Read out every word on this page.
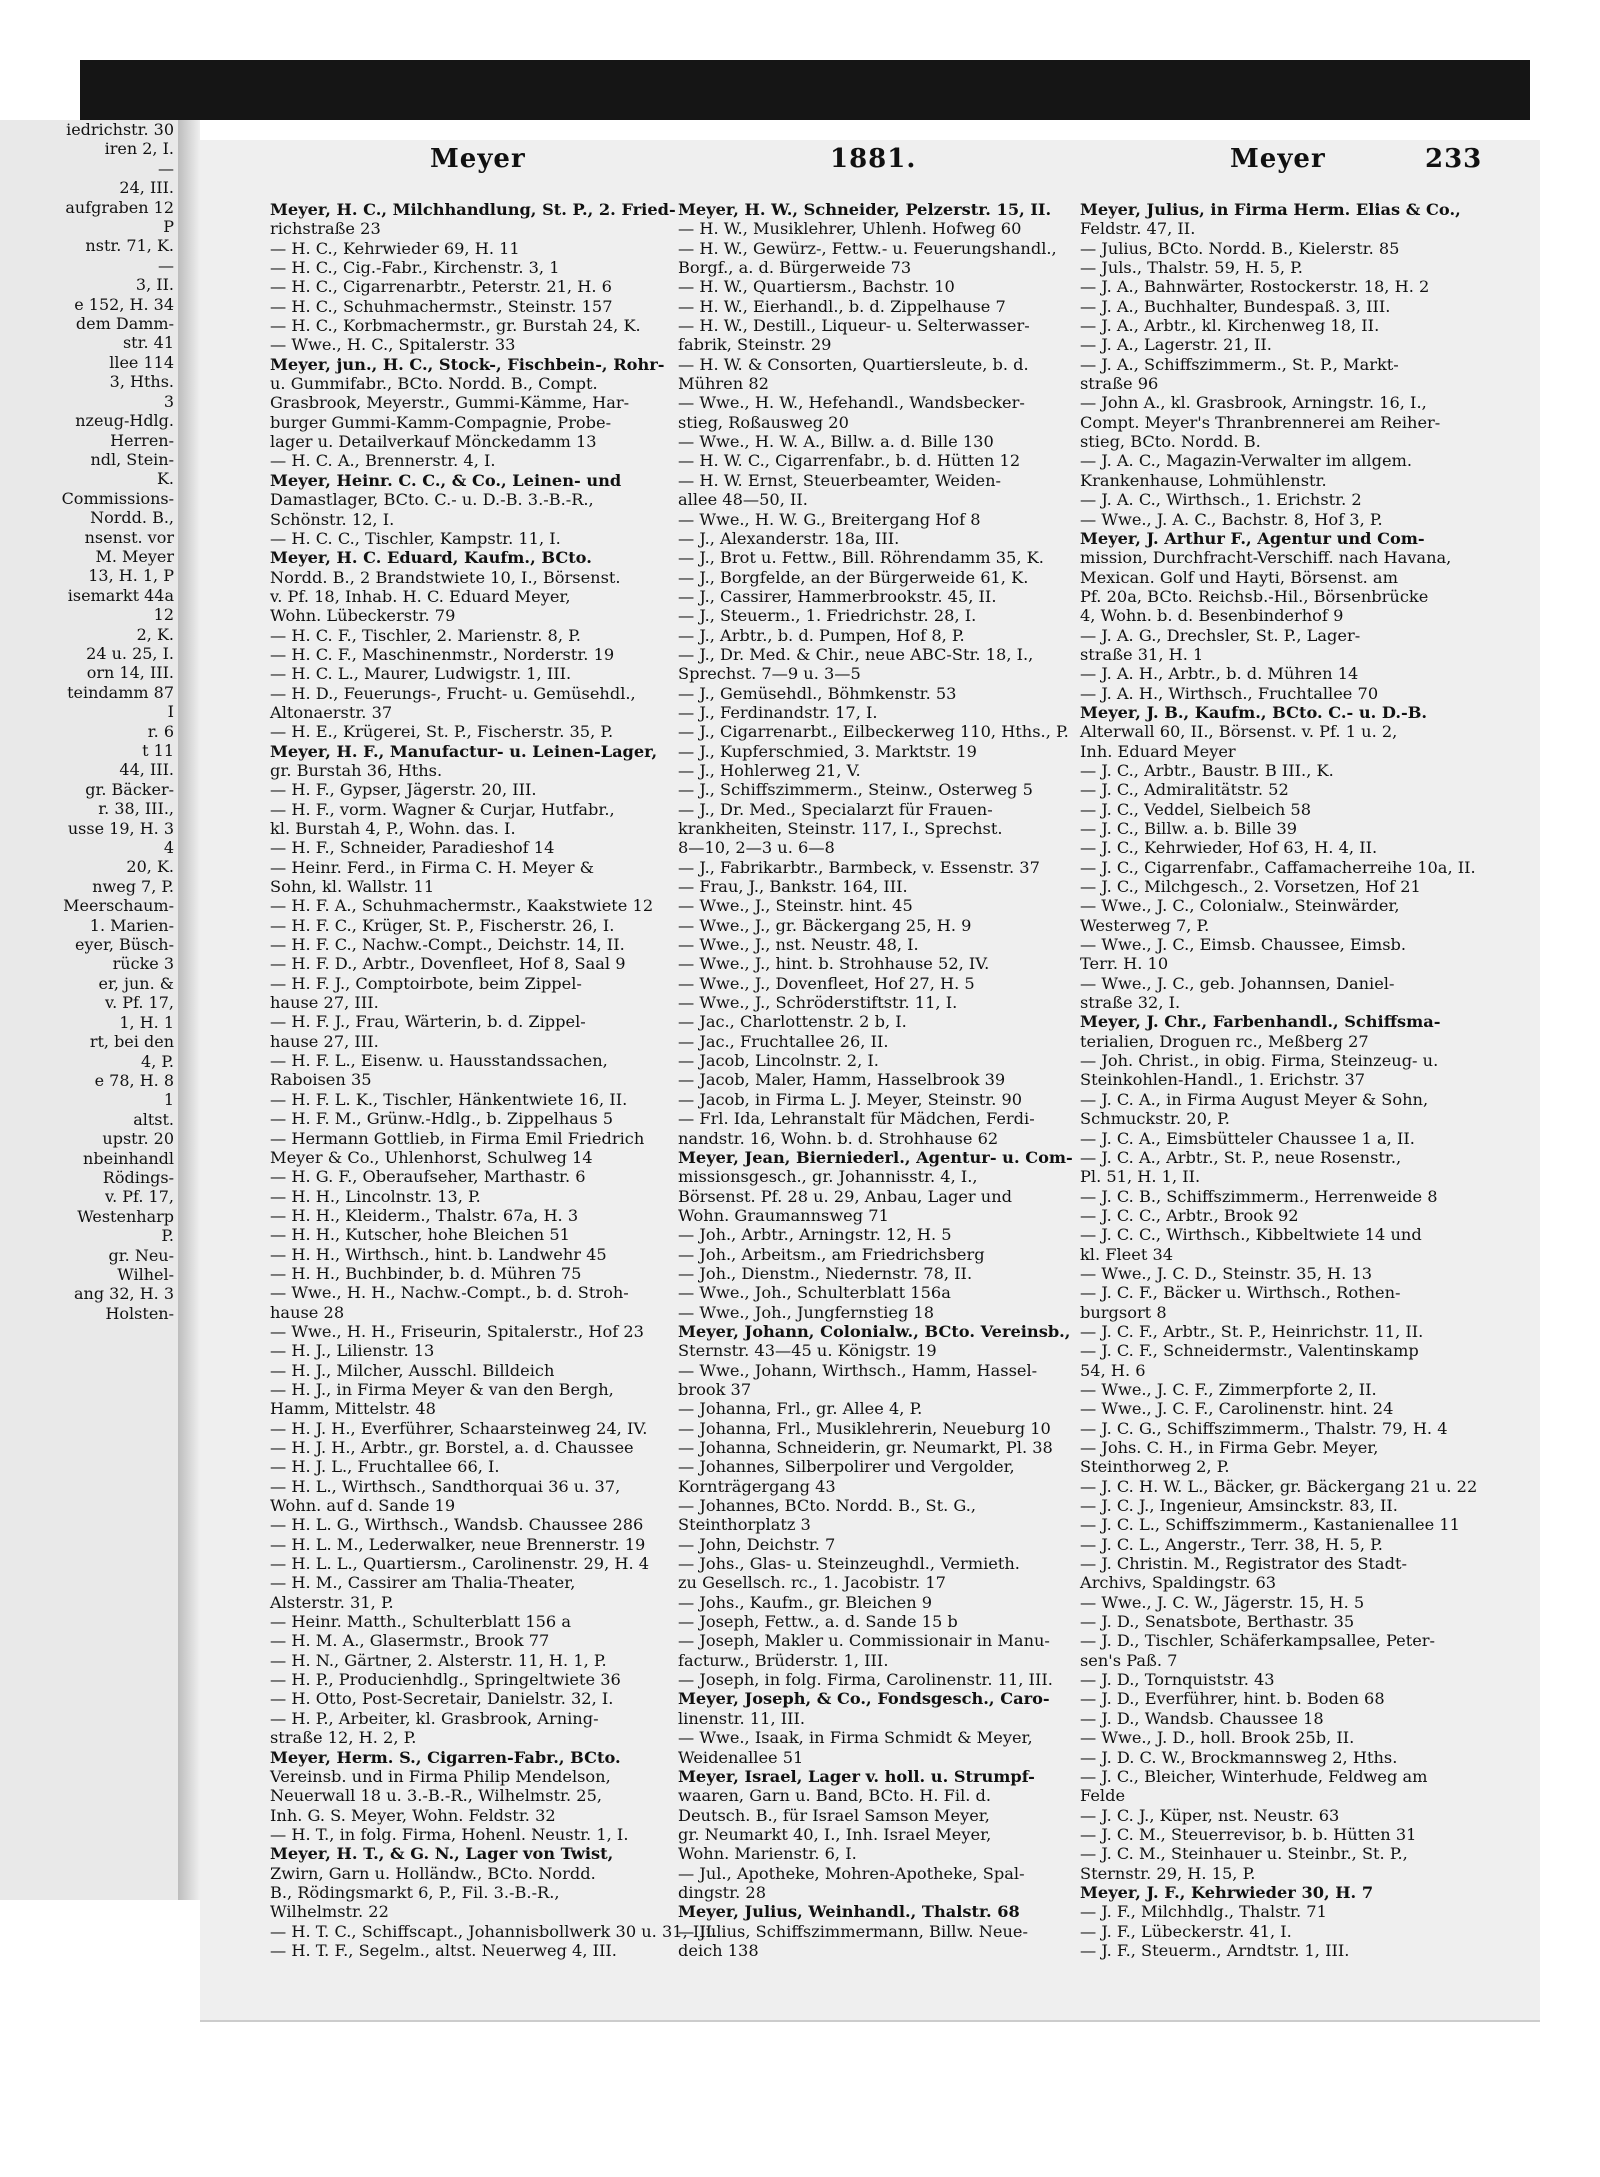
iedrichstr. 30
iren 2, I.
—
24, III.
aufgraben 12
P
nstr. 71, K.
—
3, II.
e 152, H. 34
dem Damm-
str. 41
llee 114
3, Hths.
3
nzeug-Hdlg.
Herren-
ndl, Stein-
K.
Commissions-
Nordd. B.,
nsenst. vor
M. Meyer
13, H. 1, P
isemarkt 44a
12
2, K.
24 u. 25, I.
orn 14, III.
teindamm 87
I
r. 6
t 11
44, III.
gr. Bäcker-
r. 38, III.,
usse 19, H. 3
4
20, K.
nweg 7, P.
Meerschaum-
1. Marien-
eyer, Büsch-
rücke 3
er, jun. &
v. Pf. 17,
1, H. 1
rt, bei den
4, P.
e 78, H. 8
1
altst.
upstr. 20
nbeinhandl
Rödings-
v. Pf. 17,
Westenharp
P.
gr. Neu-
Wilhel-
ang 32, H. 3
Holsten-
Meyer	1881.	Meyer	233
Meyer, H. C., Milchhandlung, St. P., 2. Fried-
richstraße 23
— H. C., Kehrwieder 69, H. 11
— H. C., Cig.-Fabr., Kirchenstr. 3, 1
— H. C., Cigarrenarbtr., Peterstr. 21, H. 6
— H. C., Schuhmachermstr., Steinstr. 157
— H. C., Korbmachermstr., gr. Burstah 24, K.
— Wwe., H. C., Spitalerstr. 33
Meyer, jun., H. C., Stock-, Fischbein-, Rohr-
u. Gummifabr., BCto. Nordd. B., Compt.
Grasbrook, Meyerstr., Gummi-Kämme, Har-
burger Gummi-Kamm-Compagnie, Probe-
lager u. Detailverkauf Mönckedamm 13
— H. C. A., Brennerstr. 4, I.
Meyer, Heinr. C. C., & Co., Leinen- und
Damastlager, BCto. C.- u. D.-B. 3.-B.-R.,
Schönstr. 12, I.
— H. C. C., Tischler, Kampstr. 11, I.
Meyer, H. C. Eduard, Kaufm., BCto.
Nordd. B., 2 Brandstwiete 10, I., Börsenst.
v. Pf. 18, Inhab. H. C. Eduard Meyer,
Wohn. Lübeckerstr. 79
— H. C. F., Tischler, 2. Marienstr. 8, P.
— H. C. F., Maschinenmstr., Norderstr. 19
— H. C. L., Maurer, Ludwigstr. 1, III.
— H. D., Feuerungs-, Frucht- u. Gemüsehdl.,
Altonaerstr. 37
— H. E., Krügerei, St. P., Fischerstr. 35, P.
Meyer, H. F., Manufactur- u. Leinen-Lager,
gr. Burstah 36, Hths.
— H. F., Gypser, Jägerstr. 20, III.
— H. F., vorm. Wagner & Curjar, Hutfabr.,
kl. Burstah 4, P., Wohn. das. I.
— H. F., Schneider, Paradieshof 14
— Heinr. Ferd., in Firma C. H. Meyer &
Sohn, kl. Wallstr. 11
— H. F. A., Schuhmachermstr., Kaakstwiete 12
— H. F. C., Krüger, St. P., Fischerstr. 26, I.
— H. F. C., Nachw.-Compt., Deichstr. 14, II.
— H. F. D., Arbtr., Dovenfleet, Hof 8, Saal 9
— H. F. J., Comptoirbote, beim Zippel-
hause 27, III.
— H. F. J., Frau, Wärterin, b. d. Zippel-
hause 27, III.
— H. F. L., Eisenw. u. Hausstandssachen,
Raboisen 35
— H. F. L. K., Tischler, Hänkentwiete 16, II.
— H. F. M., Grünw.-Hdlg., b. Zippelhaus 5
— Hermann Gottlieb, in Firma Emil Friedrich
Meyer & Co., Uhlenhorst, Schulweg 14
— H. G. F., Oberaufseher, Marthastr. 6
— H. H., Lincolnstr. 13, P.
— H. H., Kleiderm., Thalstr. 67a, H. 3
— H. H., Kutscher, hohe Bleichen 51
— H. H., Wirthsch., hint. b. Landwehr 45
— H. H., Buchbinder, b. d. Mühren 75
— Wwe., H. H., Nachw.-Compt., b. d. Stroh-
hause 28
— Wwe., H. H., Friseurin, Spitalerstr., Hof 23
— H. J., Lilienstr. 13
— H. J., Milcher, Ausschl. Billdeich
— H. J., in Firma Meyer & van den Bergh,
Hamm, Mittelstr. 48
— H. J. H., Everführer, Schaarsteinweg 24, IV.
— H. J. H., Arbtr., gr. Borstel, a. d. Chaussee
— H. J. L., Fruchtallee 66, I.
— H. L., Wirthsch., Sandthorquai 36 u. 37,
Wohn. auf d. Sande 19
— H. L. G., Wirthsch., Wandsb. Chaussee 286
— H. L. M., Lederwalker, neue Brennerstr. 19
— H. L. L., Quartiersm., Carolinenstr. 29, H. 4
— H. M., Cassirer am Thalia-Theater,
Alsterstr. 31, P.
— Heinr. Matth., Schulterblatt 156 a
— H. M. A., Glasermstr., Brook 77
— H. N., Gärtner, 2. Alsterstr. 11, H. 1, P.
— H. P., Producienhdlg., Springeltwiete 36
— H. Otto, Post-Secretair, Danielstr. 32, I.
— H. P., Arbeiter, kl. Grasbrook, Arning-
straße 12, H. 2, P.
Meyer, Herm. S., Cigarren-Fabr., BCto.
Vereinsb. und in Firma Philip Mendelson,
Neuerwall 18 u. 3.-B.-R., Wilhelmstr. 25,
Inh. G. S. Meyer, Wohn. Feldstr. 32
— H. T., in folg. Firma, Hohenl. Neustr. 1, I.
Meyer, H. T., & G. N., Lager von Twist,
Zwirn, Garn u. Holländw., BCto. Nordd.
B., Rödingsmarkt 6, P., Fil. 3.-B.-R.,
Wilhelmstr. 22
— H. T. C., Schiffscapt., Johannisbollwerk 30 u. 31, III.
— H. T. F., Segelm., altst. Neuerweg 4, III.
Meyer, H. W., Schneider, Pelzerstr. 15, II.
— H. W., Musiklehrer, Uhlenh. Hofweg 60
— H. W., Gewürz-, Fettw.- u. Feuerungshandl.,
Borgf., a. d. Bürgerweide 73
— H. W., Quartiersm., Bachstr. 10
— H. W., Eierhandl., b. d. Zippelhause 7
— H. W., Destill., Liqueur- u. Selterwasser-
fabrik, Steinstr. 29
— H. W. & Consorten, Quartiersleute, b. d.
Mühren 82
— Wwe., H. W., Hefehandl., Wandsbecker-
stieg, Roßausweg 20
— Wwe., H. W. A., Billw. a. d. Bille 130
— H. W. C., Cigarrenfabr., b. d. Hütten 12
— H. W. Ernst, Steuerbeamter, Weiden-
allee 48—50, II.
— Wwe., H. W. G., Breitergang Hof 8
— J., Alexanderstr. 18a, III.
— J., Brot u. Fettw., Bill. Röhrendamm 35, K.
— J., Borgfelde, an der Bürgerweide 61, K.
— J., Cassirer, Hammerbrookstr. 45, II.
— J., Steuerm., 1. Friedrichstr. 28, I.
— J., Arbtr., b. d. Pumpen, Hof 8, P.
— J., Dr. Med. & Chir., neue ABC-Str. 18, I.,
Sprechst. 7—9 u. 3—5
— J., Gemüsehdl., Böhmkenstr. 53
— J., Ferdinandstr. 17, I.
— J., Cigarrenarbt., Eilbeckerweg 110, Hths., P.
— J., Kupferschmied, 3. Marktstr. 19
— J., Hohlerweg 21, V.
— J., Schiffszimmerm., Steinw., Osterweg 5
— J., Dr. Med., Specialarzt für Frauen-
krankheiten, Steinstr. 117, I., Sprechst.
8—10, 2—3 u. 6—8
— J., Fabrikarbtr., Barmbeck, v. Essenstr. 37
— Frau, J., Bankstr. 164, III.
— Wwe., J., Steinstr. hint. 45
— Wwe., J., gr. Bäckergang 25, H. 9
— Wwe., J., nst. Neustr. 48, I.
— Wwe., J., hint. b. Strohhause 52, IV.
— Wwe., J., Dovenfleet, Hof 27, H. 5
— Wwe., J., Schröderstiftstr. 11, I.
— Jac., Charlottenstr. 2 b, I.
— Jac., Fruchtallee 26, II.
— Jacob, Lincolnstr. 2, I.
— Jacob, Maler, Hamm, Hasselbrook 39
— Jacob, in Firma L. J. Meyer, Steinstr. 90
— Frl. Ida, Lehranstalt für Mädchen, Ferdi-
nandstr. 16, Wohn. b. d. Strohhause 62
Meyer, Jean, Bierniederl., Agentur- u. Com-
missionsgesch., gr. Johannisstr. 4, I.,
Börsenst. Pf. 28 u. 29, Anbau, Lager und
Wohn. Graumannsweg 71
— Joh., Arbtr., Arningstr. 12, H. 5
— Joh., Arbeitsm., am Friedrichsberg
— Joh., Dienstm., Niedernstr. 78, II.
— Wwe., Joh., Schulterblatt 156a
— Wwe., Joh., Jungfernstieg 18
Meyer, Johann, Colonialw., BCto. Vereinsb.,
Sternstr. 43—45 u. Königstr. 19
— Wwe., Johann, Wirthsch., Hamm, Hassel-
brook 37
— Johanna, Frl., gr. Allee 4, P.
— Johanna, Frl., Musiklehrerin, Neueburg 10
— Johanna, Schneiderin, gr. Neumarkt, Pl. 38
— Johannes, Silberpolirer und Vergolder,
Kornträgergang 43
— Johannes, BCto. Nordd. B., St. G.,
Steinthorplatz 3
— John, Deichstr. 7
— Johs., Glas- u. Steinzeughdl., Vermieth.
zu Gesellsch. rc., 1. Jacobistr. 17
— Johs., Kaufm., gr. Bleichen 9
— Joseph, Fettw., a. d. Sande 15 b
— Joseph, Makler u. Commissionair in Manu-
facturw., Brüderstr. 1, III.
— Joseph, in folg. Firma, Carolinenstr. 11, III.
Meyer, Joseph, & Co., Fondsgesch., Caro-
linenstr. 11, III.
— Wwe., Isaak, in Firma Schmidt & Meyer,
Weidenallee 51
Meyer, Israel, Lager v. holl. u. Strumpf-
waaren, Garn u. Band, BCto. H. Fil. d.
Deutsch. B., für Israel Samson Meyer,
gr. Neumarkt 40, I., Inh. Israel Meyer,
Wohn. Marienstr. 6, I.
— Jul., Apotheke, Mohren-Apotheke, Spal-
dingstr. 28
Meyer, Julius, Weinhandl., Thalstr. 68
— Julius, Schiffszimmermann, Billw. Neue-
deich 138
Meyer, Julius, in Firma Herm. Elias & Co.,
Feldstr. 47, II.
— Julius, BCto. Nordd. B., Kielerstr. 85
— Juls., Thalstr. 59, H. 5, P.
— J. A., Bahnwärter, Rostockerstr. 18, H. 2
— J. A., Buchhalter, Bundespaß. 3, III.
— J. A., Arbtr., kl. Kirchenweg 18, II.
— J. A., Lagerstr. 21, II.
— J. A., Schiffszimmerm., St. P., Markt-
straße 96
— John A., kl. Grasbrook, Arningstr. 16, I.,
Compt. Meyer's Thranbrennerei am Reiher-
stieg, BCto. Nordd. B.
— J. A. C., Magazin-Verwalter im allgem.
Krankenhause, Lohmühlenstr.
— J. A. C., Wirthsch., 1. Erichstr. 2
— Wwe., J. A. C., Bachstr. 8, Hof 3, P.
Meyer, J. Arthur F., Agentur und Com-
mission, Durchfracht-Verschiff. nach Havana,
Mexican. Golf und Hayti, Börsenst. am
Pf. 20a, BCto. Reichsb.-Hil., Börsenbrücke
4, Wohn. b. d. Besenbinderhof 9
— J. A. G., Drechsler, St. P., Lager-
straße 31, H. 1
— J. A. H., Arbtr., b. d. Mühren 14
— J. A. H., Wirthsch., Fruchtallee 70
Meyer, J. B., Kaufm., BCto. C.- u. D.-B.
Alterwall 60, II., Börsenst. v. Pf. 1 u. 2,
Inh. Eduard Meyer
— J. C., Arbtr., Baustr. B III., K.
— J. C., Admiralitätstr. 52
— J. C., Veddel, Sielbeich 58
— J. C., Billw. a. b. Bille 39
— J. C., Kehrwieder, Hof 63, H. 4, II.
— J. C., Cigarrenfabr., Caffamacherreihe 10a, II.
— J. C., Milchgesch., 2. Vorsetzen, Hof 21
— Wwe., J. C., Colonialw., Steinwärder,
Westerweg 7, P.
— Wwe., J. C., Eimsb. Chaussee, Eimsb.
Terr. H. 10
— Wwe., J. C., geb. Johannsen, Daniel-
straße 32, I.
Meyer, J. Chr., Farbenhandl., Schiffsma-
terialien, Droguen rc., Meßberg 27
— Joh. Christ., in obig. Firma, Steinzeug- u.
Steinkohlen-Handl., 1. Erichstr. 37
— J. C. A., in Firma August Meyer & Sohn,
Schmuckstr. 20, P.
— J. C. A., Eimsbütteler Chaussee 1 a, II.
— J. C. A., Arbtr., St. P., neue Rosenstr.,
Pl. 51, H. 1, II.
— J. C. B., Schiffszimmerm., Herrenweide 8
— J. C. C., Arbtr., Brook 92
— J. C. C., Wirthsch., Kibbeltwiete 14 und
kl. Fleet 34
— Wwe., J. C. D., Steinstr. 35, H. 13
— J. C. F., Bäcker u. Wirthsch., Rothen-
burgsort 8
— J. C. F., Arbtr., St. P., Heinrichstr. 11, II.
— J. C. F., Schneidermstr., Valentinskamp
54, H. 6
— Wwe., J. C. F., Zimmerpforte 2, II.
— Wwe., J. C. F., Carolinenstr. hint. 24
— J. C. G., Schiffszimmerm., Thalstr. 79, H. 4
— Johs. C. H., in Firma Gebr. Meyer,
Steinthorweg 2, P.
— J. C. H. W. L., Bäcker, gr. Bäckergang 21 u. 22
— J. C. J., Ingenieur, Amsinckstr. 83, II.
— J. C. L., Schiffszimmerm., Kastanienallee 11
— J. C. L., Angerstr., Terr. 38, H. 5, P.
— J. Christin. M., Registrator des Stadt-
Archivs, Spaldingstr. 63
— Wwe., J. C. W., Jägerstr. 15, H. 5
— J. D., Senatsbote, Berthastr. 35
— J. D., Tischler, Schäferkampsallee, Peter-
sen's Paß. 7
— J. D., Tornquiststr. 43
— J. D., Everführer, hint. b. Boden 68
— J. D., Wandsb. Chaussee 18
— Wwe., J. D., holl. Brook 25b, II.
— J. D. C. W., Brockmannsweg 2, Hths.
— J. C., Bleicher, Winterhude, Feldweg am
Felde
— J. C. J., Küper, nst. Neustr. 63
— J. C. M., Steuerrevisor, b. b. Hütten 31
— J. C. M., Steinhauer u. Steinbr., St. P.,
Sternstr. 29, H. 15, P.
Meyer, J. F., Kehrwieder 30, H. 7
— J. F., Milchhdlg., Thalstr. 71
— J. F., Lübeckerstr. 41, I.
— J. F., Steuerm., Arndtstr. 1, III.
